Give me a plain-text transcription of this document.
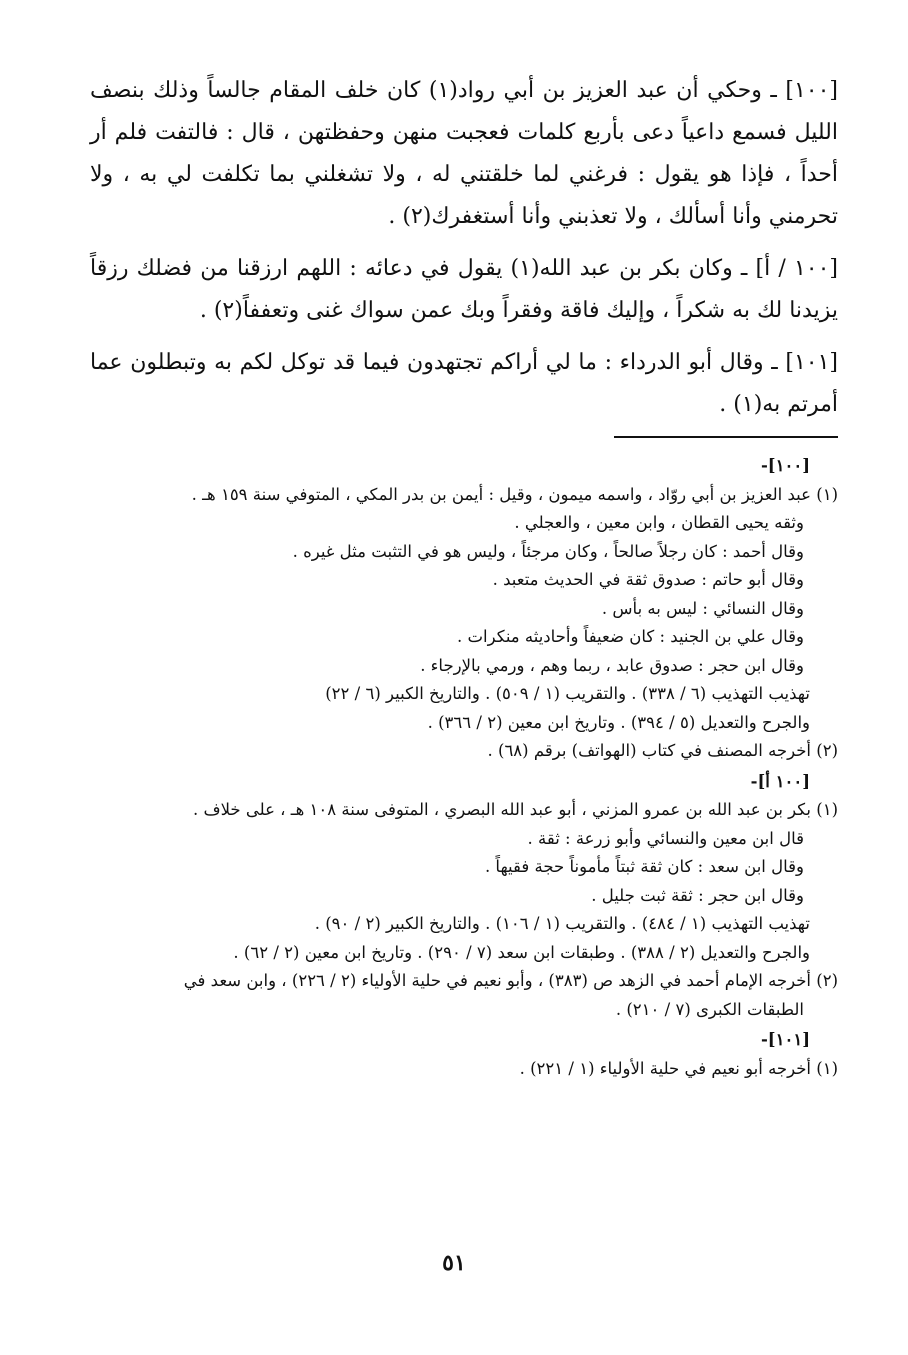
[١٠٠] ـ وحكي أن عبد العزيز بن أبي رواد(١) كان خلف المقام جالساً وذلك بنصف الليل فسمع داعياً دعى بأربع كلمات فعجبت منهن وحفظتهن ، قال : فالتفت فلم أر أحداً ، فإذا هو يقول : فرغني لما خلقتني له ، ولا تشغلني بما تكلفت لي به ، ولا تحرمني وأنا أسألك ، ولا تعذبني وأنا أستغفرك(٢) .

[١٠٠ / أ] ـ وكان بكر بن عبد الله(١) يقول في دعائه : اللهم ارزقنا من فضلك رزقاً يزيدنا لك به شكراً ، وإليك فاقة وفقراً وبك عمن سواك غنى وتعففاً(٢) .

[١٠١] ـ وقال أبو الدرداء : ما لي أراكم تجتهدون فيما قد توكل لكم به وتبطلون عما أمرتم به(١) .

[١٠٠]-
(١) عبد العزيز بن أبي روّاد ، واسمه ميمون ، وقيل : أيمن بن بدر المكي ، المتوفي سنة ١٥٩ هـ .
وثقه يحيى القطان ، وابن معين ، والعجلي .
وقال أحمد : كان رجلاً صالحاً ، وكان مرجئاً ، وليس هو في التثبت مثل غيره .
وقال أبو حاتم : صدوق ثقة في الحديث متعبد .
وقال النسائي : ليس به بأس .
وقال علي بن الجنيد : كان ضعيفاً وأحاديثه منكرات .
وقال ابن حجر : صدوق عابد ، ربما وهم ، ورمي بالإرجاء .
تهذيب التهذيب (٦ / ٣٣٨) . والتقريب (١ / ٥٠٩) . والتاريخ الكبير (٦ / ٢٢)
والجرح والتعديل (٥ / ٣٩٤) . وتاريخ ابن معين (٢ / ٣٦٦) .
(٢) أخرجه المصنف في كتاب (الهواتف) برقم (٦٨) .
[١٠٠ أ]-
(١) بكر بن عبد الله بن عمرو المزني ، أبو عبد الله البصري ، المتوفى سنة ١٠٨ هـ ، على خلاف .
قال ابن معين والنسائي وأبو زرعة : ثقة .
وقال ابن سعد : كان ثقة ثبتاً مأموناً حجة فقيهاً .
وقال ابن حجر : ثقة ثبت جليل .
تهذيب التهذيب (١ / ٤٨٤) . والتقريب (١ / ١٠٦) . والتاريخ الكبير (٢ / ٩٠) .
والجرح والتعديل (٢ / ٣٨٨) . وطبقات ابن سعد (٧ / ٢٩٠) . وتاريخ ابن معين (٢ / ٦٢) .
(٢) أخرجه الإمام أحمد في الزهد ص (٣٨٣) ، وأبو نعيم في حلية الأولياء (٢ / ٢٢٦) ، وابن سعد في
الطبقات الكبرى (٧ / ٢١٠) .
[١٠١]-
(١) أخرجه أبو نعيم في حلية الأولياء (١ / ٢٢١) .
٥١
